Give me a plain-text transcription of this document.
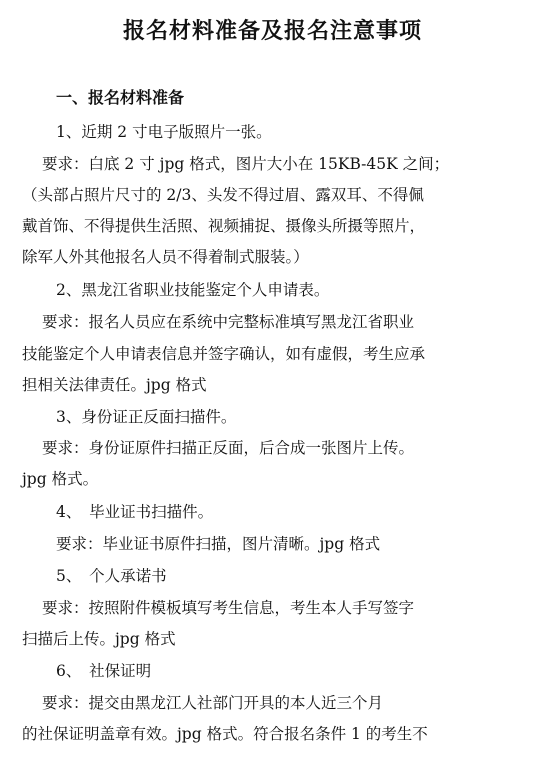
报名材料准备及报名注意事项
一、报名材料准备
1、近期 2 寸电子版照片一张。
要求：白底 2 寸 jpg 格式，图片大小在 15KB-45K 之间；
（头部占照片尺寸的 2/3、头发不得过眉、露双耳、不得佩
戴首饰、不得提供生活照、视频捕捉、摄像头所摄等照片，
除军人外其他报名人员不得着制式服装。）
2、黑龙江省职业技能鉴定个人申请表。
要求：报名人员应在系统中完整标准填写黑龙江省职业
技能鉴定个人申请表信息并签字确认，如有虚假，考生应承
担相关法律责任。jpg 格式
3、身份证正反面扫描件。
要求：身份证原件扫描正反面，后合成一张图片上传。
jpg 格式。
4、　毕业证书扫描件。
要求：毕业证书原件扫描，图片清晰。jpg 格式
5、　个人承诺书
要求：按照附件模板填写考生信息，考生本人手写签字
扫描后上传。jpg 格式
6、　社保证明
要求：提交由黑龙江人社部门开具的本人近三个月
的社保证明盖章有效。jpg 格式。符合报名条件 1 的考生不
